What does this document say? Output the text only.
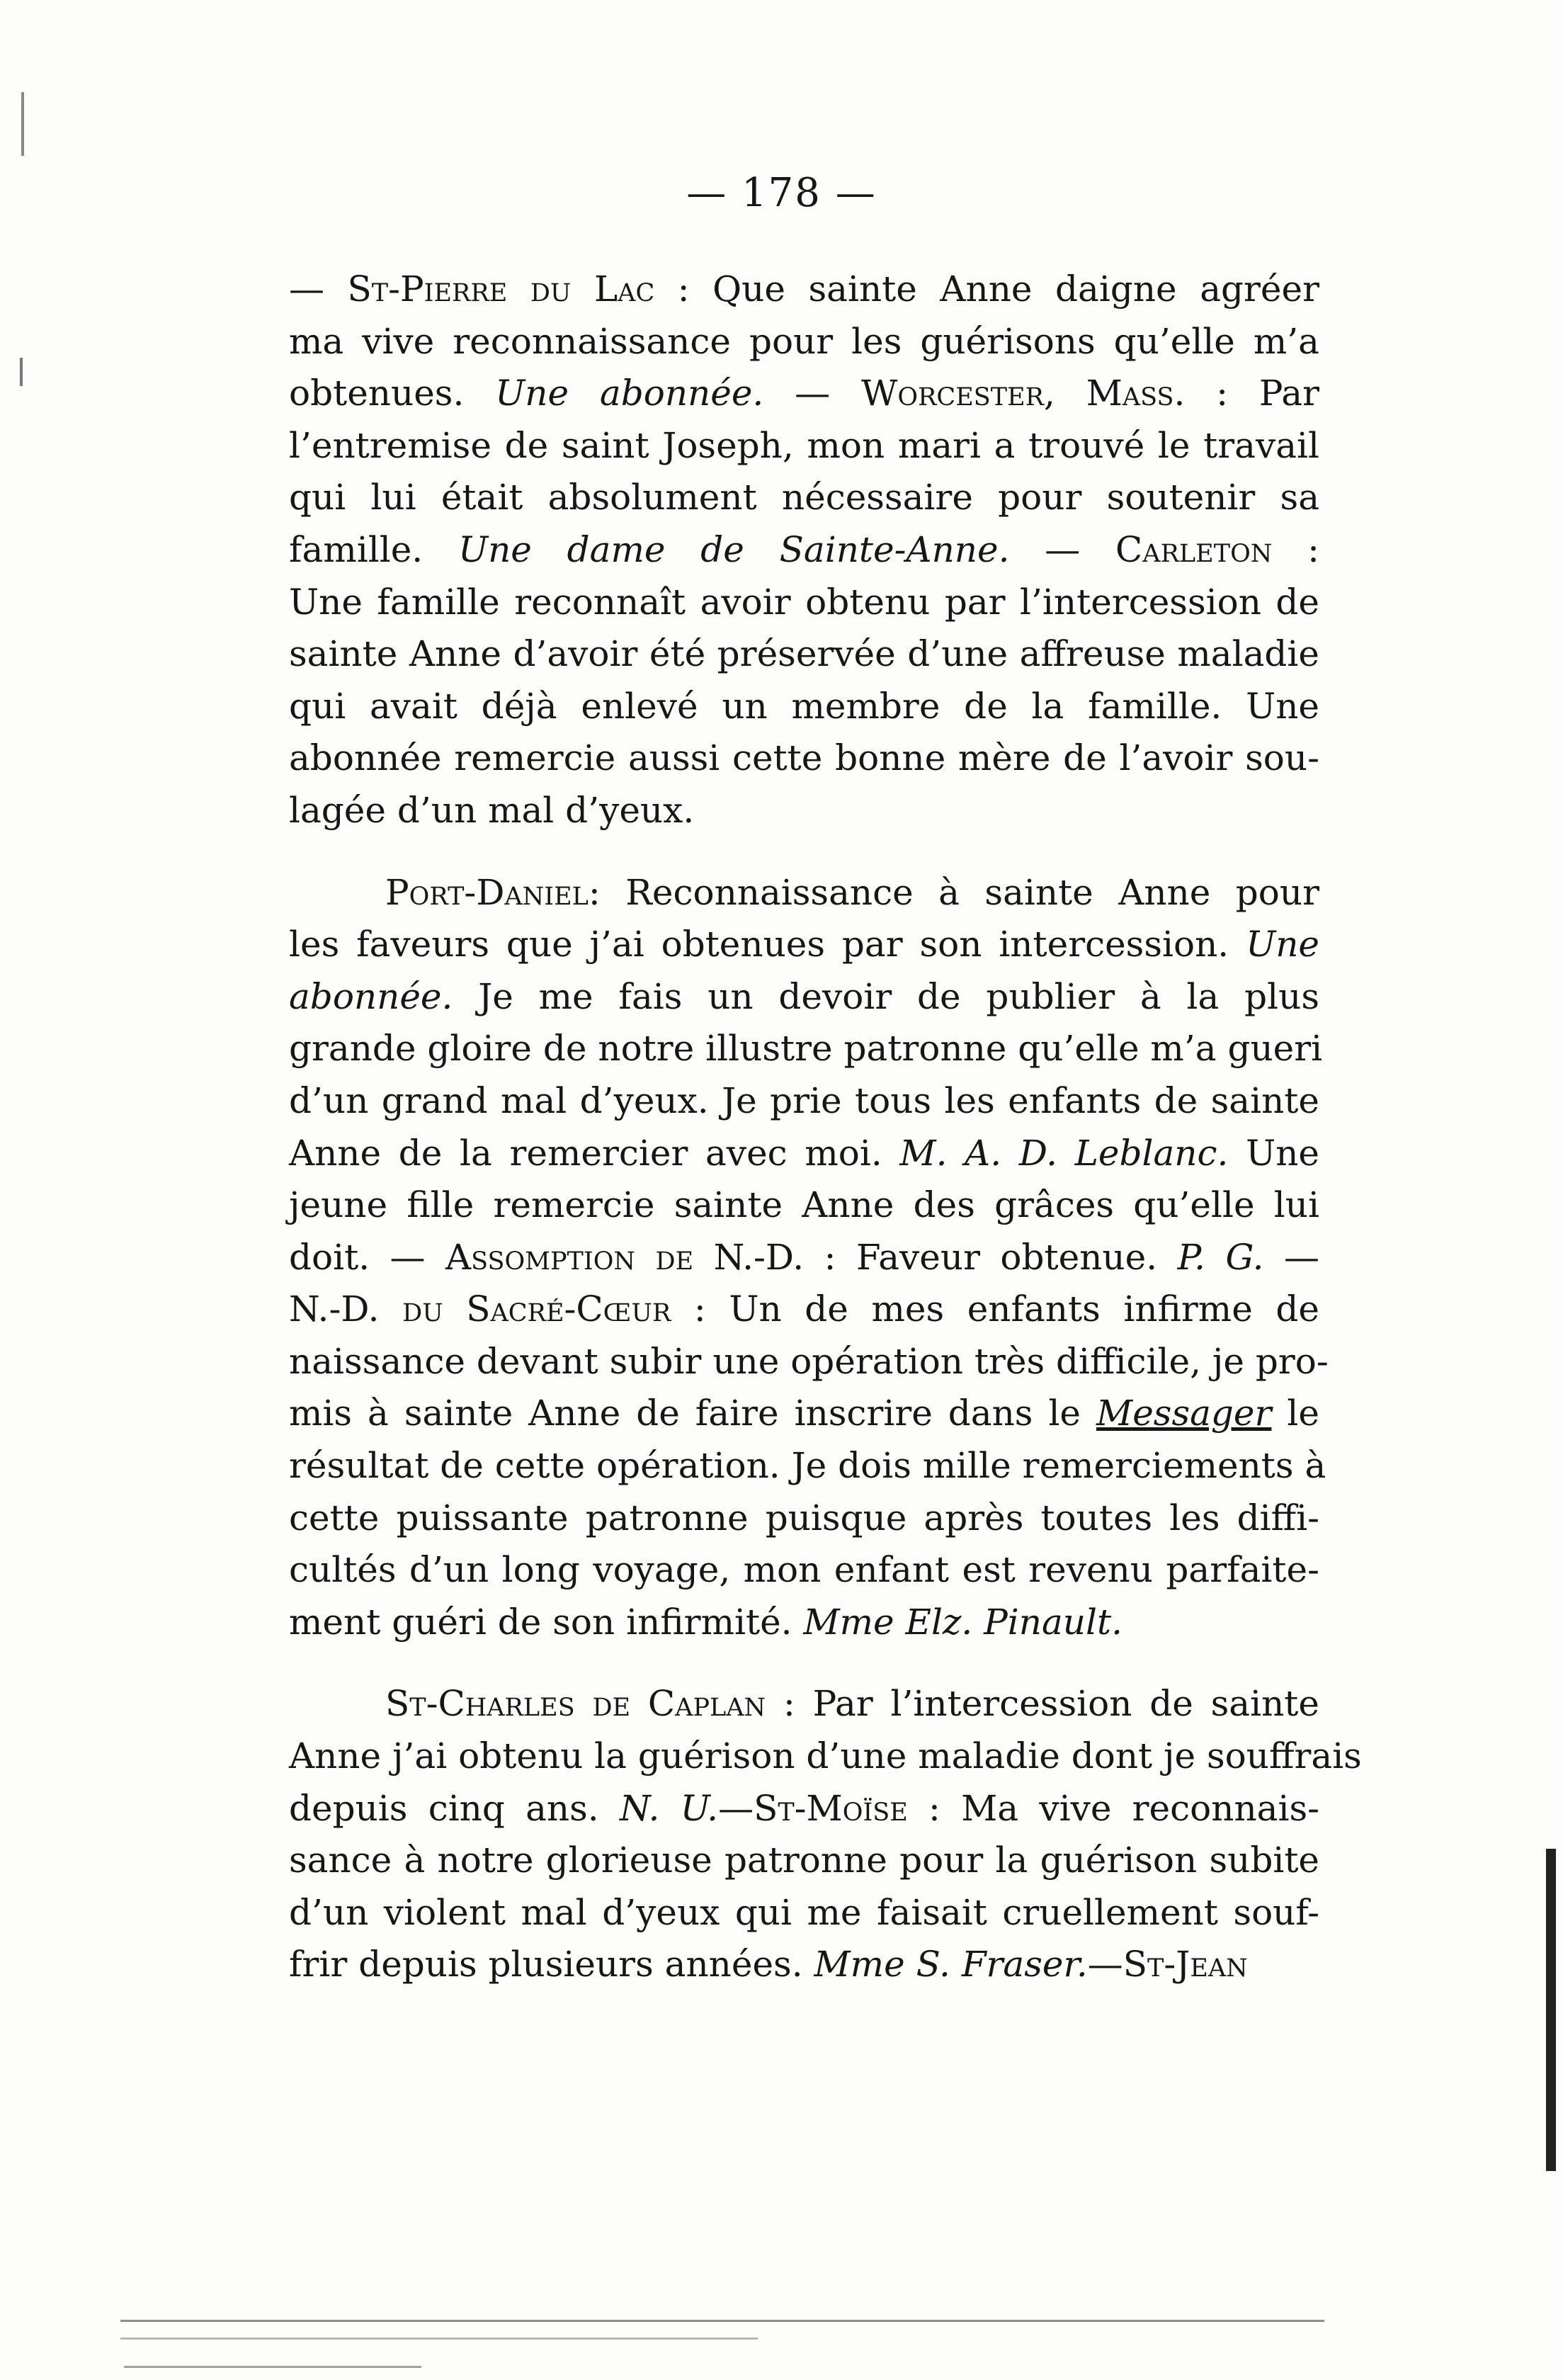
— 178 —
— St-Pierre du Lac : Que sainte Anne daigne agréer
ma vive reconnaissance pour les guérisons qu’elle m’a
obtenues. Une abonnée. — Worcester, Mass. : Par
l’entremise de saint Joseph, mon mari a trouvé le travail
qui lui était absolument nécessaire pour soutenir sa
famille. Une dame de Sainte-Anne. — Carleton :
Une famille reconnaît avoir obtenu par l’intercession de
sainte Anne d’avoir été préservée d’une affreuse maladie
qui avait déjà enlevé un membre de la famille. Une
abonnée remercie aussi cette bonne mère de l’avoir sou-
lagée d’un mal d’yeux.
Port-Daniel: Reconnaissance à sainte Anne pour
les faveurs que j’ai obtenues par son intercession. Une
abonnée. Je me fais un devoir de publier à la plus
grande gloire de notre illustre patronne qu’elle m’a gueri
d’un grand mal d’yeux. Je prie tous les enfants de sainte
Anne de la remercier avec moi. M. A. D. Leblanc. Une
jeune fille remercie sainte Anne des grâces qu’elle lui
doit. — Assomption de N.-D. : Faveur obtenue. P. G. —
N.-D. du Sacré-Cœur : Un de mes enfants infirme de
naissance devant subir une opération très difficile, je pro-
mis à sainte Anne de faire inscrire dans le Messager le
résultat de cette opération. Je dois mille remerciements à
cette puissante patronne puisque après toutes les diffi-
cultés d’un long voyage, mon enfant est revenu parfaite-
ment guéri de son infirmité. Mme Elz. Pinault.
St-Charles de Caplan : Par l’intercession de sainte
Anne j’ai obtenu la guérison d’une maladie dont je souffrais
depuis cinq ans. N. U.—St-Moïse : Ma vive reconnais-
sance à notre glorieuse patronne pour la guérison subite
d’un violent mal d’yeux qui me faisait cruellement souf-
frir depuis plusieurs années. Mme S. Fraser.—St-Jean
